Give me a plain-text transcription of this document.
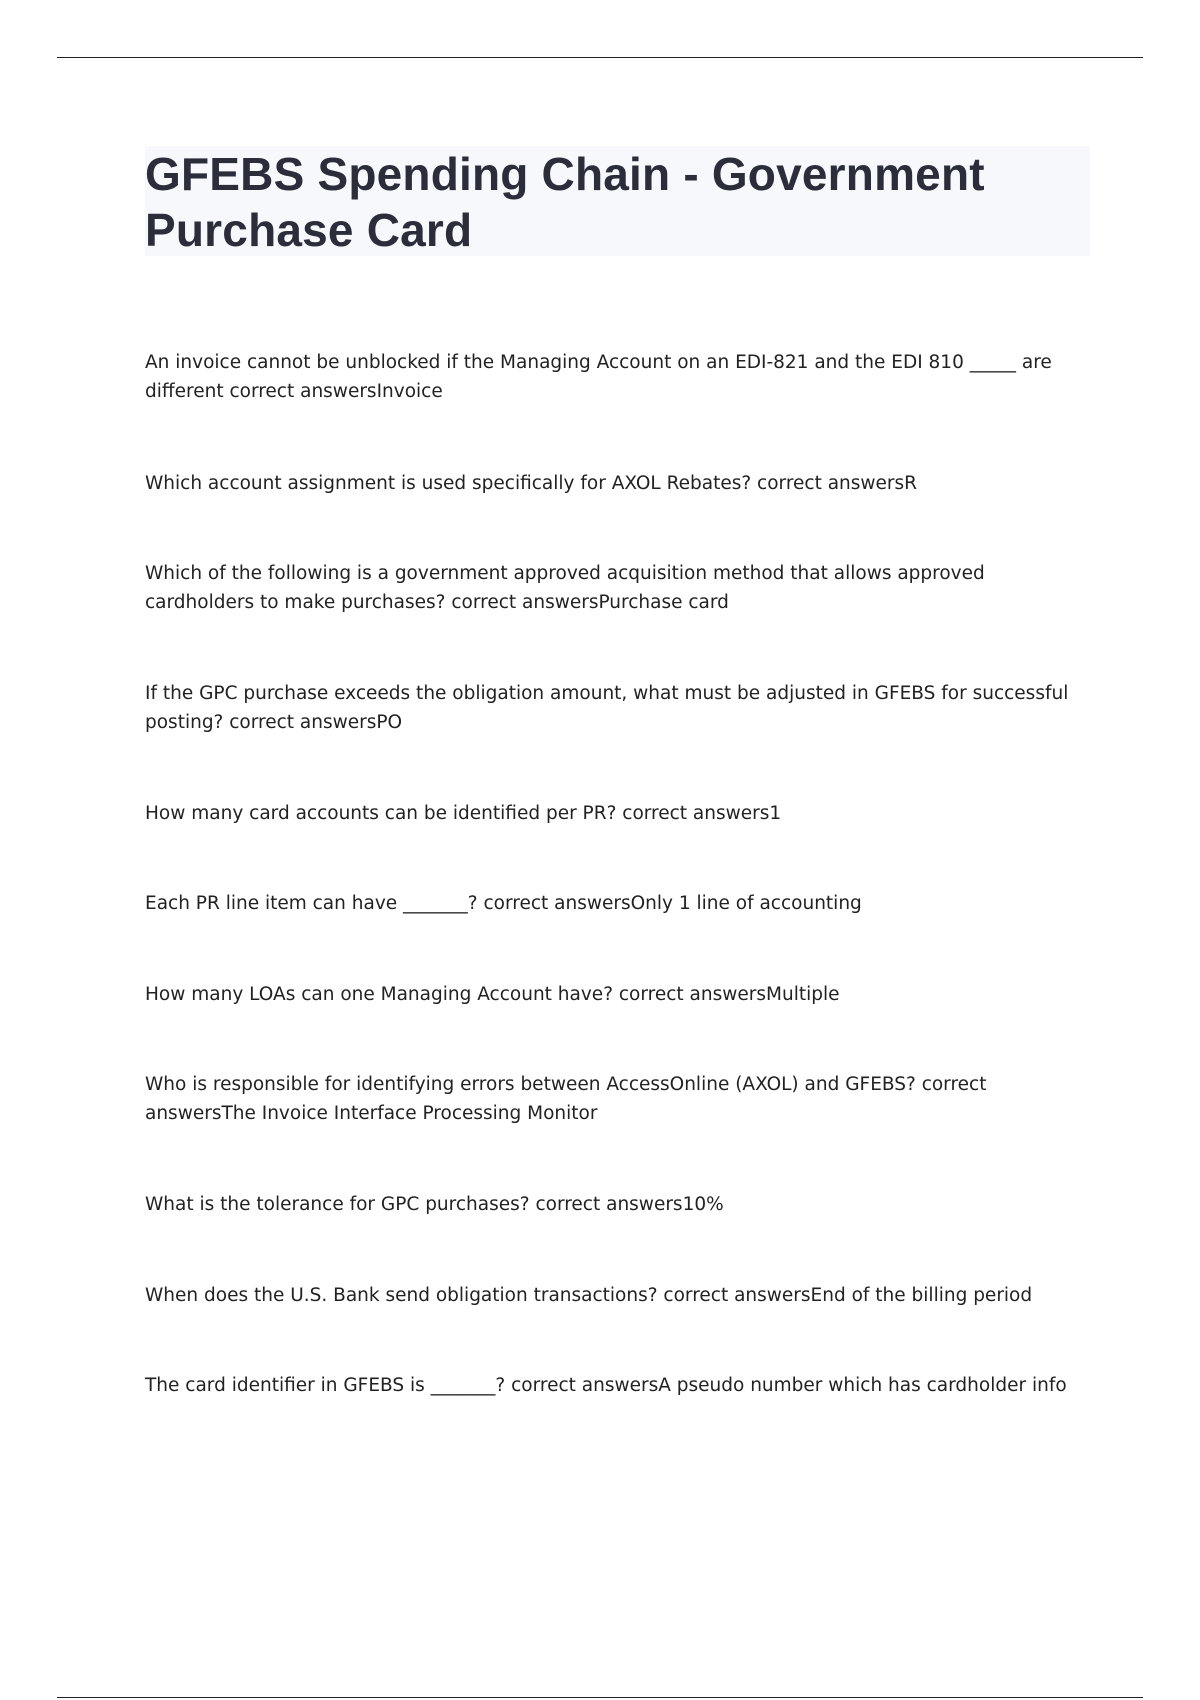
GFEBS Spending Chain - Government Purchase Card
An invoice cannot be unblocked if the Managing Account on an EDI-821 and the EDI 810 _____ are different correct answersInvoice
Which account assignment is used specifically for AXOL Rebates? correct answersR
Which of the following is a government approved acquisition method that allows approved cardholders to make purchases? correct answersPurchase card
If the GPC purchase exceeds the obligation amount, what must be adjusted in GFEBS for successful posting? correct answersPO
How many card accounts can be identified per PR? correct answers1
Each PR line item can have _______? correct answersOnly 1 line of accounting
How many LOAs can one Managing Account have? correct answersMultiple
Who is responsible for identifying errors between AccessOnline (AXOL) and GFEBS? correct answersThe Invoice Interface Processing Monitor
What is the tolerance for GPC purchases? correct answers10%
When does the U.S. Bank send obligation transactions? correct answersEnd of the billing period
The card identifier in GFEBS is _______? correct answersA pseudo number which has cardholder info
